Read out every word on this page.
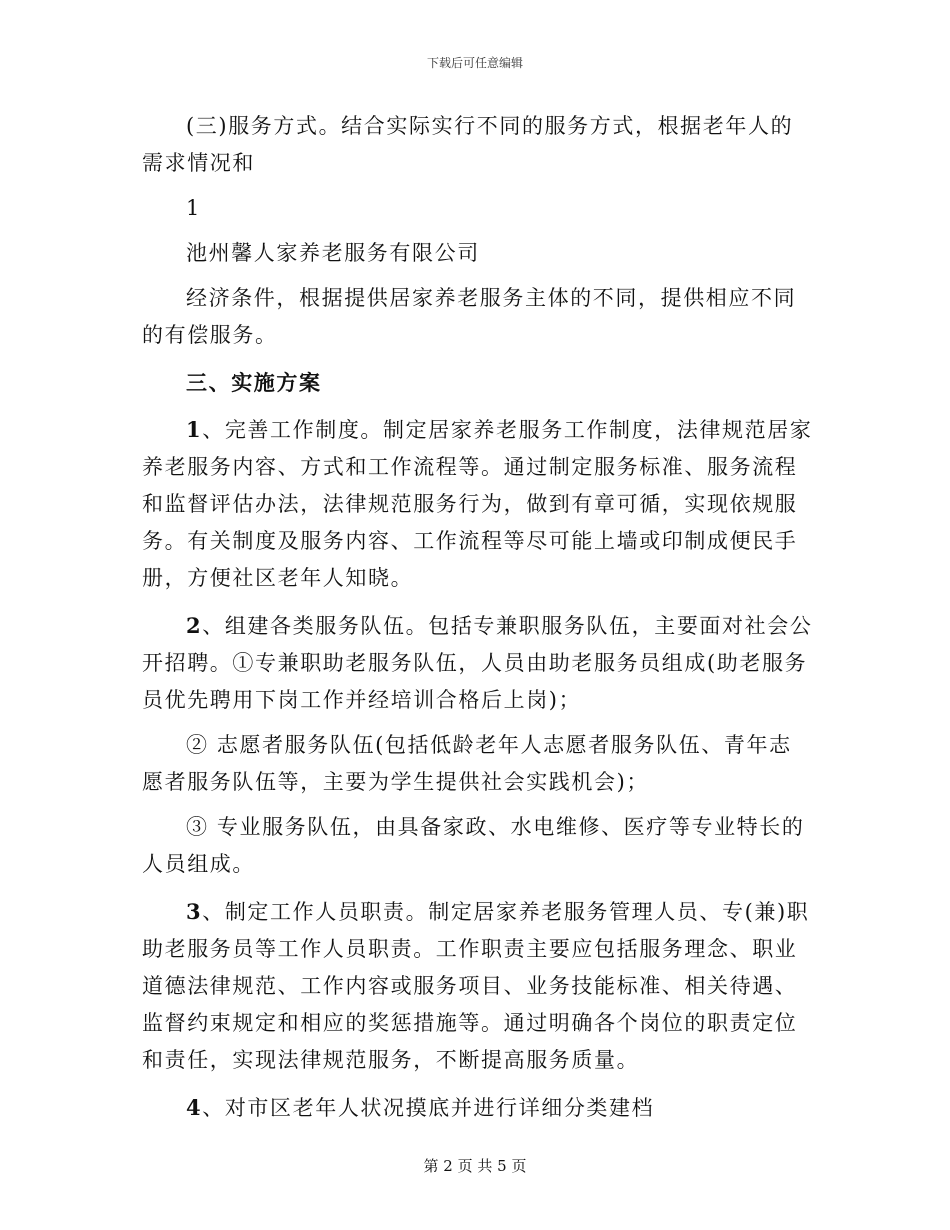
下载后可任意编辑

(三)服务方式。结合实际实行不同的服务方式，根据老年人的需求情况和

1

池州馨人家养老服务有限公司

经济条件，根据提供居家养老服务主体的不同，提供相应不同的有偿服务。

三、实施方案

1、完善工作制度。制定居家养老服务工作制度，法律规范居家养老服务内容、方式和工作流程等。通过制定服务标准、服务流程和监督评估办法，法律规范服务行为，做到有章可循，实现依规服务。有关制度及服务内容、工作流程等尽可能上墙或印制成便民手册，方便社区老年人知晓。

2、组建各类服务队伍。包括专兼职服务队伍，主要面对社会公开招聘。①专兼职助老服务队伍，人员由助老服务员组成(助老服务员优先聘用下岗工作并经培训合格后上岗)；

② 志愿者服务队伍(包括低龄老年人志愿者服务队伍、青年志愿者服务队伍等，主要为学生提供社会实践机会)；

③ 专业服务队伍，由具备家政、水电维修、医疗等专业特长的人员组成。

3、制定工作人员职责。制定居家养老服务管理人员、专(兼)职助老服务员等工作人员职责。工作职责主要应包括服务理念、职业道德法律规范、工作内容或服务项目、业务技能标准、相关待遇、监督约束规定和相应的奖惩措施等。通过明确各个岗位的职责定位和责任，实现法律规范服务，不断提高服务质量。

4、对市区老年人状况摸底并进行详细分类建档

第 2 页 共 5 页
